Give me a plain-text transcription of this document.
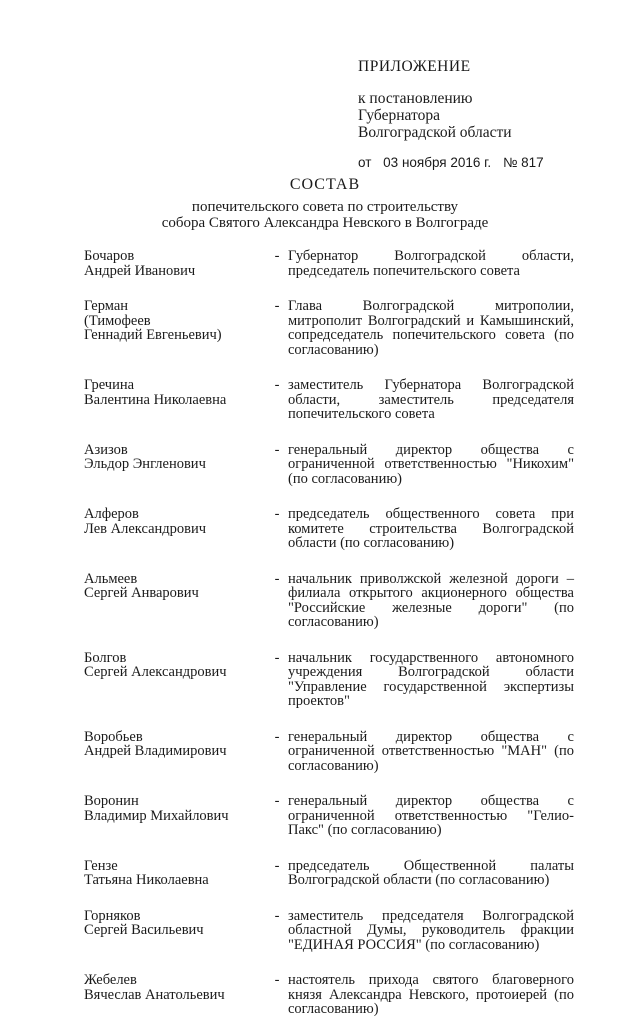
ПРИЛОЖЕНИЕ
к постановлению
Губернатора
Волгоградской области
от 03 ноября 2016 г. № 817
СОСТАВ
попечительского совета по строительству
собора Святого Александра Невского в Волгограде
Бочаров
Андрей Иванович
- Губернатор Волгоградской области, председатель попечительского совета
Герман
(Тимофеев
Геннадий Евгеньевич)
- Глава Волгоградской митрополии, митрополит Волгоградский и Камышинский, сопредседатель попечительского совета (по согласованию)
Гречина
Валентина Николаевна
- заместитель Губернатора Волгоградской области, заместитель председателя попечительского совета
Азизов
Эльдор Энгленович
- генеральный директор общества с ограниченной ответственностью "Никохим" (по согласованию)
Алферов
Лев Александрович
- председатель общественного совета при комитете строительства Волгоградской области (по согласованию)
Альмеев
Сергей Анварович
- начальник приволжской железной дороги – филиала открытого акционерного общества "Российские железные дороги" (по согласованию)
Болгов
Сергей Александрович
- начальник государственного автономного учреждения Волгоградской области "Управление государственной экспертизы проектов"
Воробьев
Андрей Владимирович
- генеральный директор общества с ограниченной ответственностью "МАН" (по согласованию)
Воронин
Владимир Михайлович
- генеральный директор общества с ограниченной ответственностью "Гелио-Пакс" (по согласованию)
Гензе
Татьяна Николаевна
- председатель Общественной палаты Волгоградской области (по согласованию)
Горняков
Сергей Васильевич
- заместитель председателя Волгоградской областной Думы, руководитель фракции "ЕДИНАЯ РОССИЯ" (по согласованию)
Жебелев
Вячеслав Анатольевич
- настоятель прихода святого благоверного князя Александра Невского, протоиерей (по согласованию)
